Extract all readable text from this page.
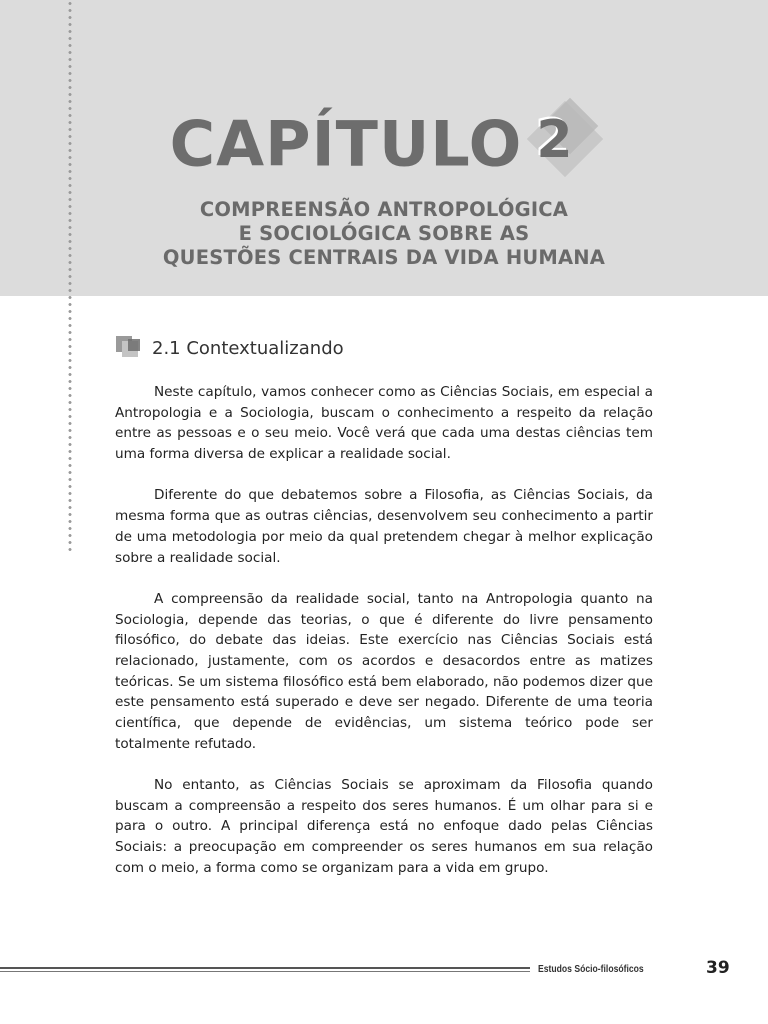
CAPÍTULO 2
COMPREENSÃO ANTROPOLÓGICA
E SOCIOLÓGICA SOBRE AS
QUESTÕES CENTRAIS DA VIDA HUMANA
2.1 Contextualizando

Neste capítulo, vamos conhecer como as Ciências Sociais, em especial a Antropologia e a Sociologia, buscam o conhecimento a respeito da relação entre as pessoas e o seu meio. Você verá que cada uma destas ciências tem uma forma diversa de explicar a realidade social.

Diferente do que debatemos sobre a Filosofia, as Ciências Sociais, da mesma forma que as outras ciências, desenvolvem seu conhecimento a partir de uma metodologia por meio da qual pretendem chegar à melhor explicação sobre a realidade social.

A compreensão da realidade social, tanto na Antropologia quanto na Sociologia, depende das teorias, o que é diferente do livre pensamento filosófico, do debate das ideias. Este exercício nas Ciências Sociais está relacionado, justamente, com os acordos e desacordos entre as matizes teóricas. Se um sistema filosófico está bem elaborado, não podemos dizer que este pensamento está superado e deve ser negado. Diferente de uma teoria científica, que depende de evidências, um sistema teórico pode ser totalmente refutado.

No entanto, as Ciências Sociais se aproximam da Filosofia quando buscam a compreensão a respeito dos seres humanos. É um olhar para si e para o outro. A principal diferença está no enfoque dado pelas Ciências Sociais: a preocupação em compreender os seres humanos em sua relação com o meio, a forma como se organizam para a vida em grupo.

Estudos Sócio-filosóficos	39
